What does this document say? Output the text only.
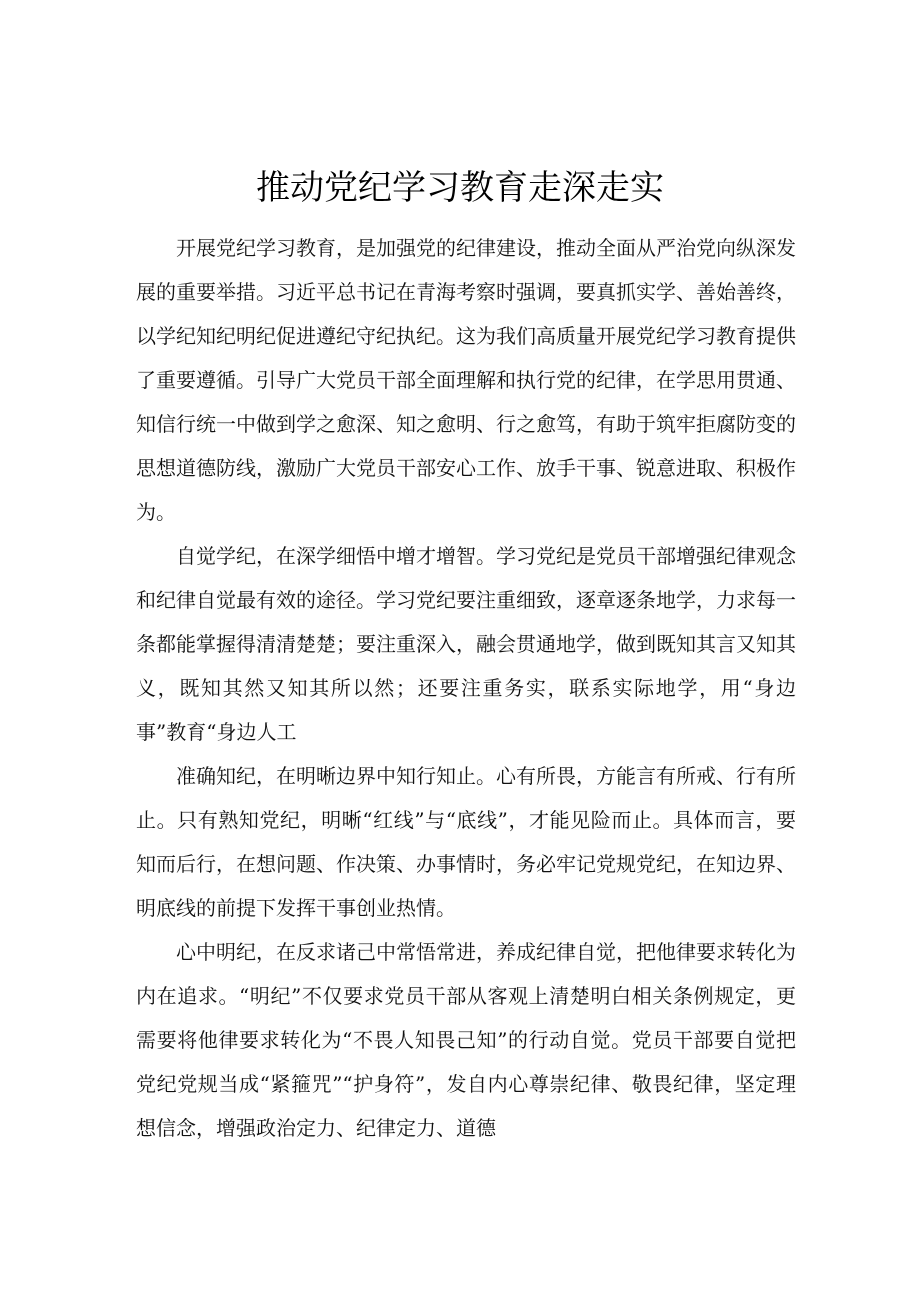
推动党纪学习教育走深走实

开展党纪学习教育，是加强党的纪律建设，推动全面从严治党向纵深发展的重要举措。习近平总书记在青海考察时强调，要真抓实学、善始善终，以学纪知纪明纪促进遵纪守纪执纪。这为我们高质量开展党纪学习教育提供了重要遵循。引导广大党员干部全面理解和执行党的纪律，在学思用贯通、知信行统一中做到学之愈深、知之愈明、行之愈笃，有助于筑牢拒腐防变的思想道德防线，激励广大党员干部安心工作、放手干事、锐意进取、积极作为。

自觉学纪，在深学细悟中增才增智。学习党纪是党员干部增强纪律观念和纪律自觉最有效的途径。学习党纪要注重细致，逐章逐条地学，力求每一条都能掌握得清清楚楚；要注重深入，融会贯通地学，做到既知其言又知其义，既知其然又知其所以然；还要注重务实，联系实际地学，用“身边事”教育“身边人工

准确知纪，在明晰边界中知行知止。心有所畏，方能言有所戒、行有所止。只有熟知党纪，明晰“红线”与“底线”，才能见险而止。具体而言，要知而后行，在想问题、作决策、办事情时，务必牢记党规党纪，在知边界、明底线的前提下发挥干事创业热情。

心中明纪，在反求诸己中常悟常进，养成纪律自觉，把他律要求转化为内在追求。“明纪”不仅要求党员干部从客观上清楚明白相关条例规定，更需要将他律要求转化为“不畏人知畏己知”的行动自觉。党员干部要自觉把党纪党规当成“紧箍咒”“护身符”，发自内心尊崇纪律、敬畏纪律，坚定理想信念，增强政治定力、纪律定力、道德
